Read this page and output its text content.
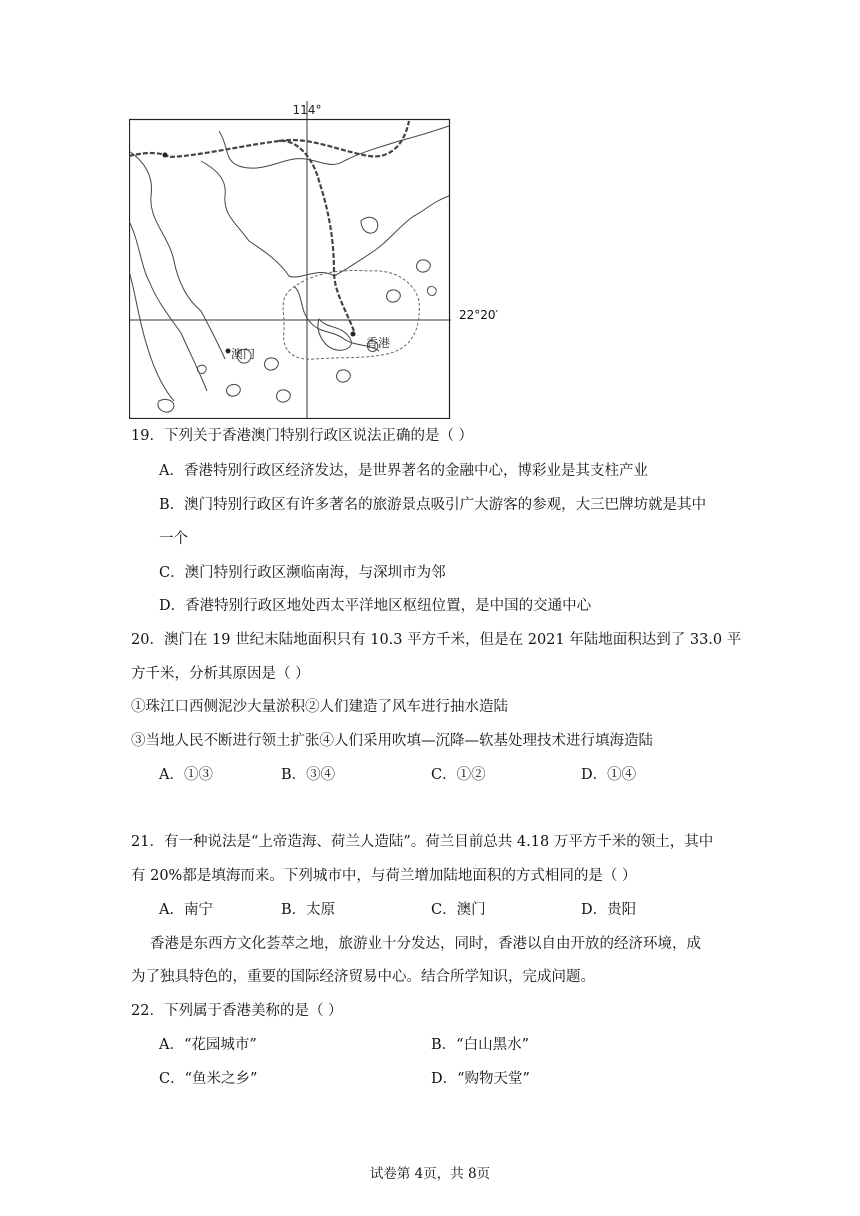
114°
澳门
香港
22°20′
19．下列关于香港澳门特别行政区说法正确的是（ ）
A．香港特别行政区经济发达，是世界著名的金融中心，博彩业是其支柱产业
B．澳门特别行政区有许多著名的旅游景点吸引广大游客的参观，大三巴牌坊就是其中
一个
C．澳门特别行政区濒临南海，与深圳市为邻
D．香港特别行政区地处西太平洋地区枢纽位置，是中国的交通中心
20．澳门在 19 世纪末陆地面积只有 10.3 平方千米，但是在 2021 年陆地面积达到了 33.0 平
方千米，分析其原因是（ ）
①珠江口西侧泥沙大量淤积②人们建造了风车进行抽水造陆
③当地人民不断进行领土扩张④人们采用吹填—沉降—软基处理技术进行填海造陆
A．①③	B．③④	C．①②	D．①④
21．有一种说法是“上帝造海、荷兰人造陆”。荷兰目前总共 4.18 万平方千米的领土，其中
有 20%都是填海而来。下列城市中，与荷兰增加陆地面积的方式相同的是（ ）
A．南宁	B．太原	C．澳门	D．贵阳
香港是东西方文化荟萃之地，旅游业十分发达，同时，香港以自由开放的经济环境，成
为了独具特色的，重要的国际经济贸易中心。结合所学知识，完成问题。
22．下列属于香港美称的是（ ）
A．“花园城市”	B．“白山黑水”
C．“鱼米之乡”	D．“购物天堂”
试卷第 4页，共 8页
